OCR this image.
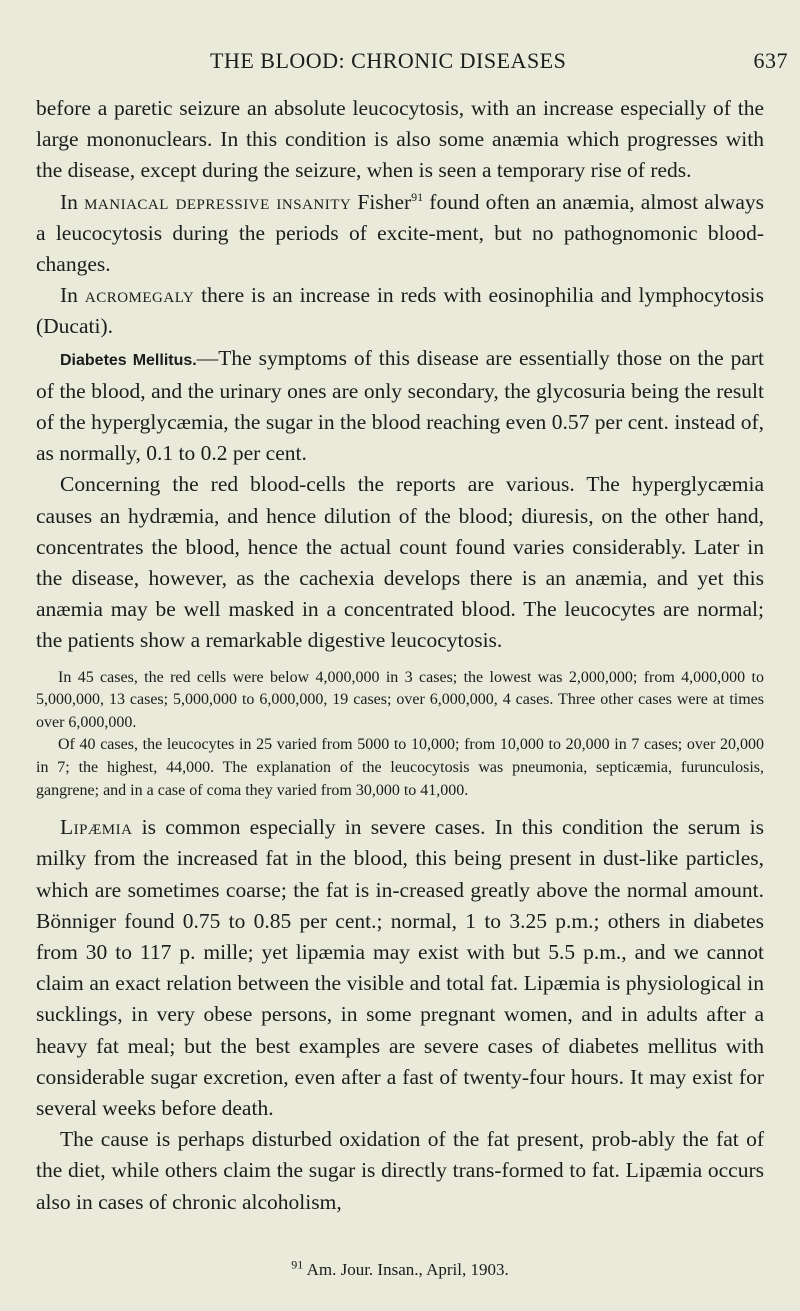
THE BLOOD: CHRONIC DISEASES	637

before a paretic seizure an absolute leucocytosis, with an increase especially of the large mononuclears. In this condition is also some anæmia which progresses with the disease, except during the seizure, when is seen a temporary rise of reds.

In maniacal depressive insanity Fisher$^{91}$ found often an anæmia, almost always a leucocytosis during the periods of excite-ment, but no pathognomonic blood-changes.

In acromegaly there is an increase in reds with eosinophilia and lymphocytosis (Ducati).

Diabetes Mellitus.—The symptoms of this disease are essentially those on the part of the blood, and the urinary ones are only secondary, the glycosuria being the result of the hyperglycæmia, the sugar in the blood reaching even 0.57 per cent. instead of, as normally, 0.1 to 0.2 per cent.

Concerning the red blood-cells the reports are various. The hyperglycæmia causes an hydræmia, and hence dilution of the blood; diuresis, on the other hand, concentrates the blood, hence the actual count found varies considerably. Later in the disease, however, as the cachexia develops there is an anæmia, and yet this anæmia may be well masked in a concentrated blood. The leucocytes are normal; the patients show a remarkable digestive leucocytosis.

In 45 cases, the red cells were below 4,000,000 in 3 cases; the lowest was 2,000,000; from 4,000,000 to 5,000,000, 13 cases; 5,000,000 to 6,000,000, 19 cases; over 6,000,000, 4 cases. Three other cases were at times over 6,000,000.

Of 40 cases, the leucocytes in 25 varied from 5000 to 10,000; from 10,000 to 20,000 in 7 cases; over 20,000 in 7; the highest, 44,000. The explanation of the leucocytosis was pneumonia, septicæmia, furunculosis, gangrene; and in a case of coma they varied from 30,000 to 41,000.

Lipæmia is common especially in severe cases. In this condition the serum is milky from the increased fat in the blood, this being present in dust-like particles, which are sometimes coarse; the fat is in-creased greatly above the normal amount. Bönniger found 0.75 to 0.85 per cent.; normal, 1 to 3.25 p.m.; others in diabetes from 30 to 117 p. mille; yet lipæmia may exist with but 5.5 p.m., and we cannot claim an exact relation between the visible and total fat. Lipæmia is physiological in sucklings, in very obese persons, in some pregnant women, and in adults after a heavy fat meal; but the best examples are severe cases of diabetes mellitus with considerable sugar excretion, even after a fast of twenty-four hours. It may exist for several weeks before death.

The cause is perhaps disturbed oxidation of the fat present, prob-ably the fat of the diet, while others claim the sugar is directly trans-formed to fat. Lipæmia occurs also in cases of chronic alcoholism,

$^{91}$ Am. Jour. Insan., April, 1903.
